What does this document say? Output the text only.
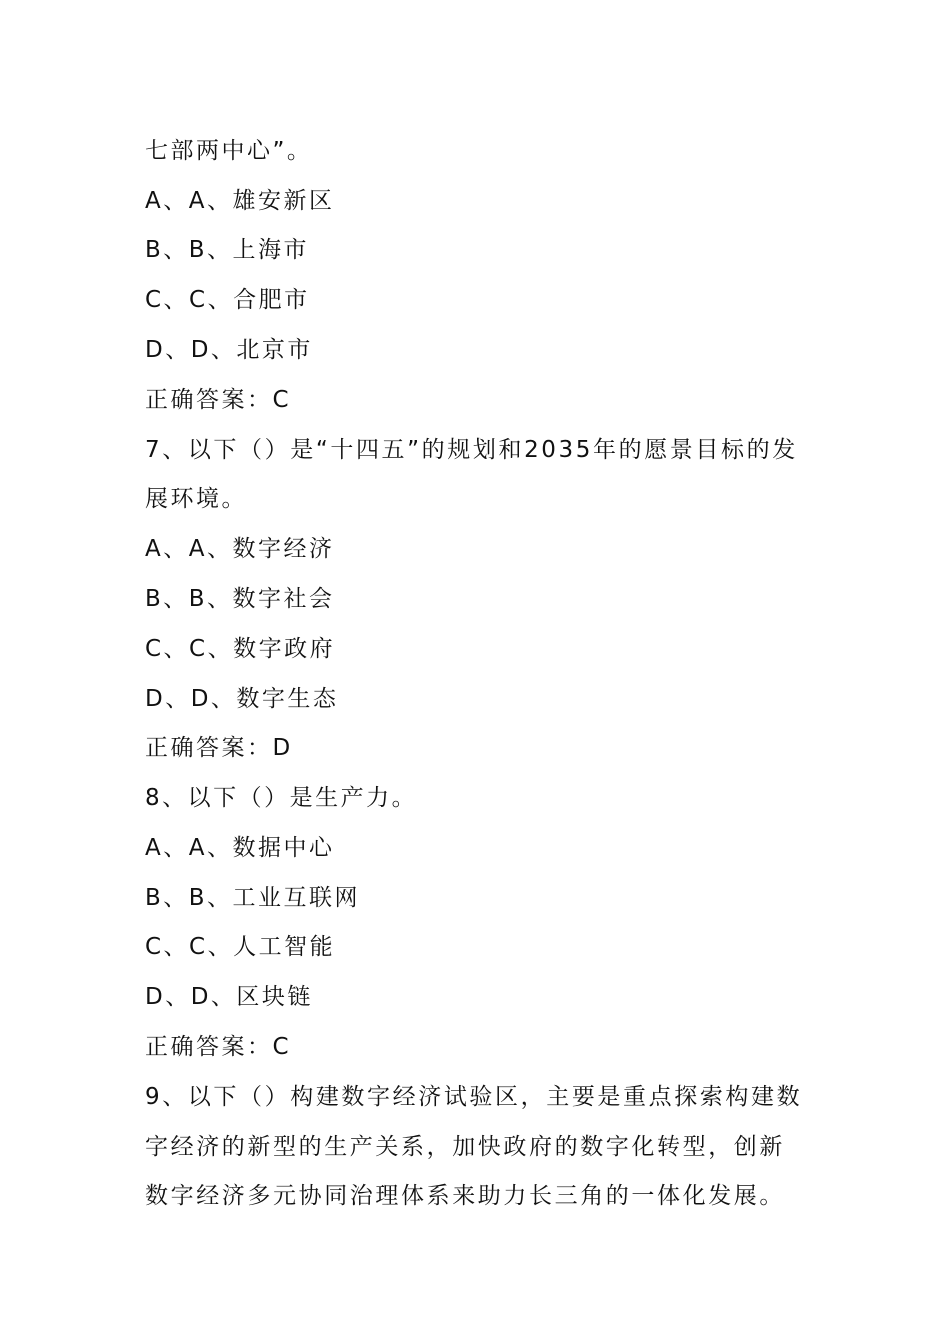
七部两中心”。
A、A、雄安新区
B、B、上海市
C、C、合肥市
D、D、北京市
正确答案：C
7、以下（）是“十四五”的规划和2035年的愿景目标的发
展环境。
A、A、数字经济
B、B、数字社会
C、C、数字政府
D、D、数字生态
正确答案：D
8、以下（）是生产力。
A、A、数据中心
B、B、工业互联网
C、C、人工智能
D、D、区块链
正确答案：C
9、以下（）构建数字经济试验区，主要是重点探索构建数
字经济的新型的生产关系，加快政府的数字化转型，创新
数字经济多元协同治理体系来助力长三角的一体化发展。
